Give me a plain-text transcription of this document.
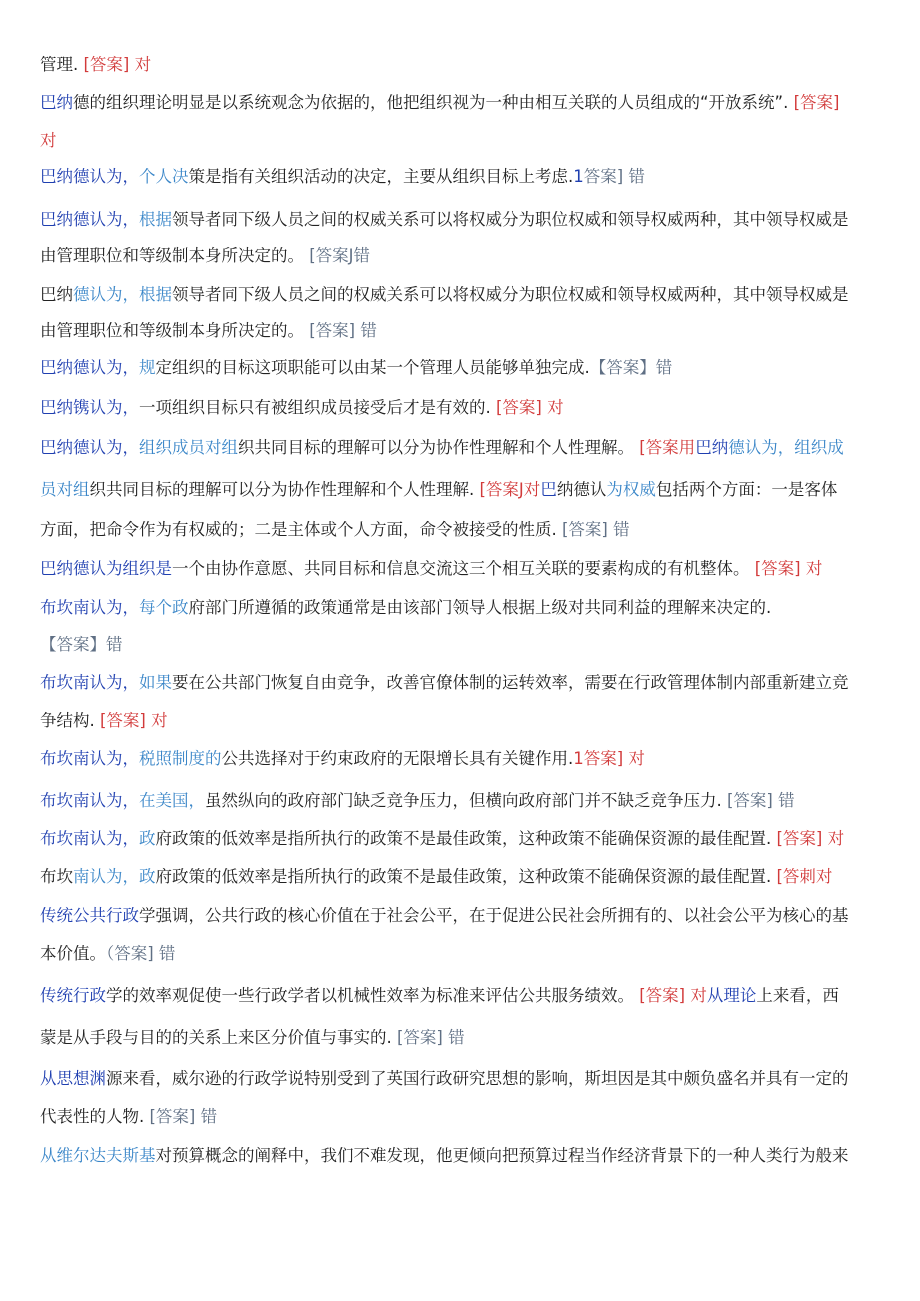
管理. [答案] 对
巴纳德的组织理论明显是以系统观念为依据的，他把组织视为一种由相互关联的人员组成的“开放系统”. [答案]
对
巴纳德认为，个人决策是指有关组织活动的决定，主要从组织目标上考虑.1答案] 错
巴纳德认为，根据领导者同下级人员之间的权威关系可以将权威分为职位权威和领导权威两种，其中领导权威是
由管理职位和等级制本身所决定的。 [答案J错
巴纳德认为，根据领导者同下级人员之间的权威关系可以将权威分为职位权威和领导权威两种，其中领导权威是
由管理职位和等级制本身所决定的。 [答案] 错
巴纳德认为，规定组织的目标这项职能可以由某一个管理人员能够单独完成.【答案】错
巴纳镌认为，一项组织目标只有被组织成员接受后才是有效的. [答案] 对
巴纳德认为，组织成员对组织共同目标的理解可以分为协作性理解和个人性理解。 [答案用巴纳德认为，组织成
员对组织共同目标的理解可以分为协作性理解和个人性理解. [答案J对巴纳德认为权威包括两个方面：一是客体
方面，把命令作为有权威的；二是主体或个人方面，命令被接受的性质. [答案] 错
巴纳德认为组织是一个由协作意愿、共同目标和信息交流这三个相互关联的要素构成的有机整体。 [答案] 对
布坎南认为，每个政府部门所遵循的政策通常是由该部门领导人根据上级对共同利益的理解来决定的.
【答案】错
布坎南认为，如果要在公共部门恢复自由竞争，改善官僚体制的运转效率，需要在行政管理体制内部重新建立竞
争结构. [答案] 对
布坎南认为，税照制度的公共选择对于约束政府的无限增长具有关键作用.1答案] 对
布坎南认为，在美国，虽然纵向的政府部门缺乏竞争压力，但横向政府部门并不缺乏竞争压力. [答案] 错
布坎南认为，政府政策的低效率是指所执行的政策不是最佳政策，这种政策不能确保资源的最佳配置. [答案] 对
布坎南认为，政府政策的低效率是指所执行的政策不是最佳政策，这种政策不能确保资源的最佳配置. [答刺对
传统公共行政学强调，公共行政的核心价值在于社会公平，在于促进公民社会所拥有的、以社会公平为核心的基
本价值。（答案] 错
传统行政学的效率观促使一些行政学者以机械性效率为标准来评估公共服务绩效。 [答案] 对从理论上来看，西
蒙是从手段与目的的关系上来区分价值与事实的. [答案] 错
从思想渊源来看，威尔逊的行政学说特别受到了英国行政研究思想的影响，斯坦因是其中颇负盛名并具有一定的
代表性的人物. [答案] 错
从维尔达夫斯基对预算概念的阐释中，我们不难发现，他更倾向把预算过程当作经济背景下的一种人类行为般来
